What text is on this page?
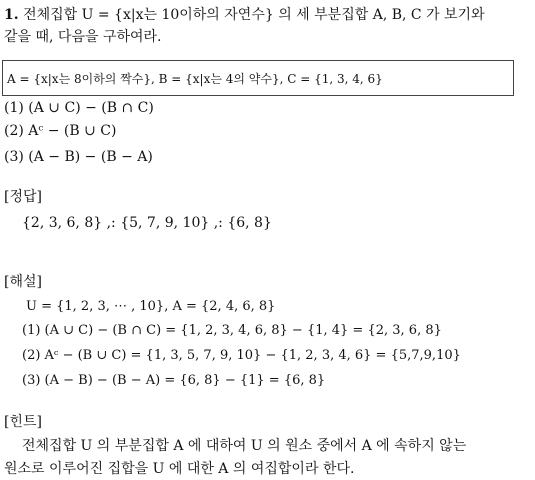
1. 전체집합 U = {x|x는 10이하의 자연수} 의 세 부분집합 A, B, C 가 보기와
같을 때, 다음을 구하여라.
A = {x|x는 8이하의 짝수}, B = {x|x는 4의 약수}, C = {1, 3, 4, 6}
(1) (A ∪ C) − (B ∩ C)
(2) Aᶜ − (B ∪ C)
(3) (A − B) − (B − A)
[정답]
{2, 3, 6, 8} ,: {5, 7, 9, 10} ,: {6, 8}
[해설]
U = {1, 2, 3, ⋯ , 10}, A = {2, 4, 6, 8}
(1) (A ∪ C) − (B ∩ C) = {1, 2, 3, 4, 6, 8} − {1, 4} = {2, 3, 6, 8}
(2) Aᶜ − (B ∪ C) = {1, 3, 5, 7, 9, 10} − {1, 2, 3, 4, 6} = {5,7,9,10}
(3) (A − B) − (B − A) = {6, 8} − {1} = {6, 8}
[힌트]
전체집합 U 의 부분집합 A 에 대하여 U 의 원소 중에서 A 에 속하지 않는
원소로 이루어진 집합을 U 에 대한 A 의 여집합이라 한다.
